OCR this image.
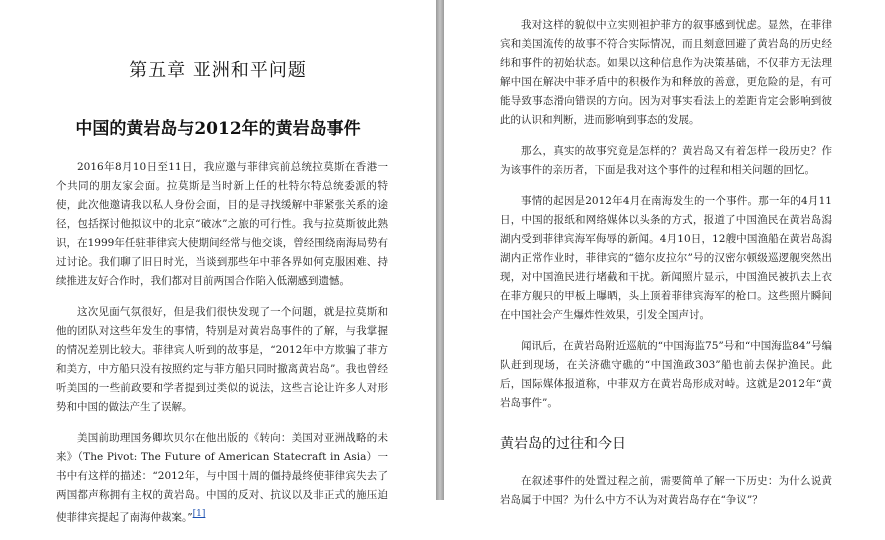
第五章 亚洲和平问题
中国的黄岩岛与2012年的黄岩岛事件

2016年8月10日至11日，我应邀与菲律宾前总统拉莫斯在香港一个共同的朋友家会面。拉莫斯是当时新上任的杜特尔特总统委派的特使，此次他邀请我以私人身份会面，目的是寻找缓解中菲紧张关系的途径，包括探讨他拟议中的北京“破冰”之旅的可行性。我与拉莫斯彼此熟识，在1999年任驻菲律宾大使期间经常与他交谈，曾经围绕南海局势有过讨论。我们聊了旧日时光，当谈到那些年中菲各界如何克服困难、持续推进友好合作时，我们都对目前两国合作陷入低潮感到遗憾。

这次见面气氛很好，但是我们很快发现了一个问题，就是拉莫斯和他的团队对这些年发生的事情，特别是对黄岩岛事件的了解，与我掌握的情况差别比较大。菲律宾人听到的故事是，“2012年中方欺骗了菲方和美方，中方船只没有按照约定与菲方船只同时撤离黄岩岛”。我也曾经听美国的一些前政要和学者提到过类似的说法，这些言论让许多人对形势和中国的做法产生了误解。

美国前助理国务卿坎贝尔在他出版的《转向：美国对亚洲战略的未来》（The Pivot: The Future of American Statecraft in Asia）一书中有这样的描述：“2012年，与中国十周的僵持最终使菲律宾失去了两国都声称拥有主权的黄岩岛。中国的反对、抗议以及非正式的施压迫使菲律宾提起了南海仲裁案。”[1]

我对这样的貌似中立实则袒护菲方的叙事感到忧虑。显然，在菲律宾和美国流传的故事不符合实际情况，而且刻意回避了黄岩岛的历史经纬和事件的初始状态。如果以这种信息作为决策基础，不仅菲方无法理解中国在解决中菲矛盾中的积极作为和释放的善意，更危险的是，有可能导致事态滑向错误的方向。因为对事实看法上的差距肯定会影响到彼此的认识和判断，进而影响到事态的发展。

那么，真实的故事究竟是怎样的？黄岩岛又有着怎样一段历史？作为该事件的亲历者，下面是我对这个事件的过程和相关问题的回忆。

事情的起因是2012年4月在南海发生的一个事件。那一年的4月11日，中国的报纸和网络媒体以头条的方式，报道了中国渔民在黄岩岛潟湖内受到菲律宾海军侮辱的新闻。4月10日，12艘中国渔船在黄岩岛潟湖内正常作业时，菲律宾的“德尔皮拉尔”号的汉密尔顿级巡逻舰突然出现，对中国渔民进行堵截和干扰。新闻照片显示，中国渔民被扒去上衣在菲方舰只的甲板上曝晒，头上顶着菲律宾海军的枪口。这些照片瞬间在中国社会产生爆炸性效果，引发全国声讨。

闻讯后，在黄岩岛附近巡航的“中国海监75”号和“中国海监84”号编队赶到现场，在关济礁守礁的“中国渔政303”船也前去保护渔民。此后，国际媒体报道称，中菲双方在黄岩岛形成对峙。这就是2012年“黄岩岛事件”。

黄岩岛的过往和今日

在叙述事件的处置过程之前，需要简单了解一下历史：为什么说黄岩岛属于中国？为什么中方不认为对黄岩岛存在“争议”？
